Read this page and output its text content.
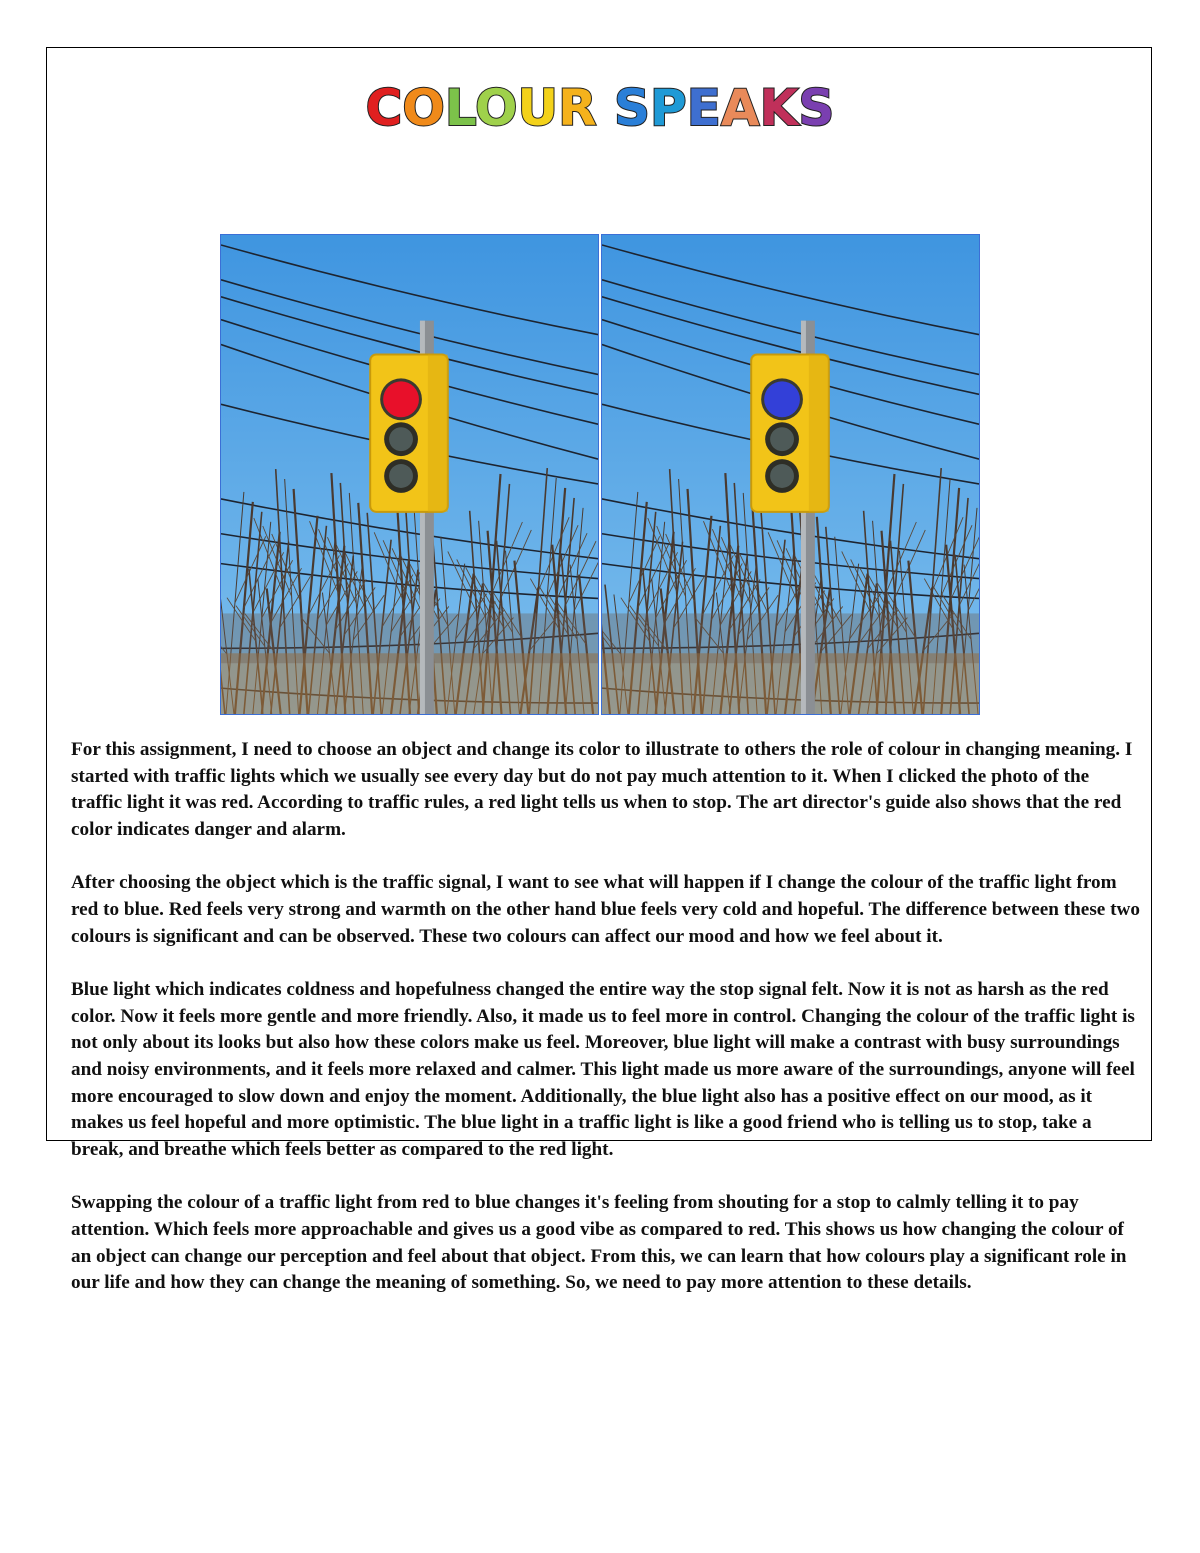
COLOUR SPEAKS

For this assignment, I need to choose an object and change its color to illustrate to others the role of colour in changing meaning. I started with traffic lights which we usually see every day but do not pay much attention to it. When I clicked the photo of the traffic light it was red. According to traffic rules, a red light tells us when to stop. The art director's guide also shows that the red color indicates danger and alarm.

After choosing the object which is the traffic signal, I want to see what will happen if I change the colour of the traffic light from red to blue. Red feels very strong and warmth on the other hand blue feels very cold and hopeful. The difference between these two colours is significant and can be observed. These two colours can affect our mood and how we feel about it.

Blue light which indicates coldness and hopefulness changed the entire way the stop signal felt. Now it is not as harsh as the red color. Now it feels more gentle and more friendly. Also, it made us to feel more in control. Changing the colour of the traffic light is not only about its looks but also how these colors make us feel. Moreover, blue light will make a contrast with busy surroundings and noisy environments, and it feels more relaxed and calmer. This light made us more aware of the surroundings, anyone will feel more encouraged to slow down and enjoy the moment. Additionally, the blue light also has a positive effect on our mood, as it makes us feel hopeful and more optimistic. The blue light in a traffic light is like a good friend who is telling us to stop, take a break, and breathe which feels better as compared to the red light.

Swapping the colour of a traffic light from red to blue changes it's feeling from shouting for a stop to calmly telling it to pay attention. Which feels more approachable and gives us a good vibe as compared to red. This shows us how changing the colour of an object can change our perception and feel about that object. From this, we can learn that how colours play a significant role in our life and how they can change the meaning of something. So, we need to pay more attention to these details.
